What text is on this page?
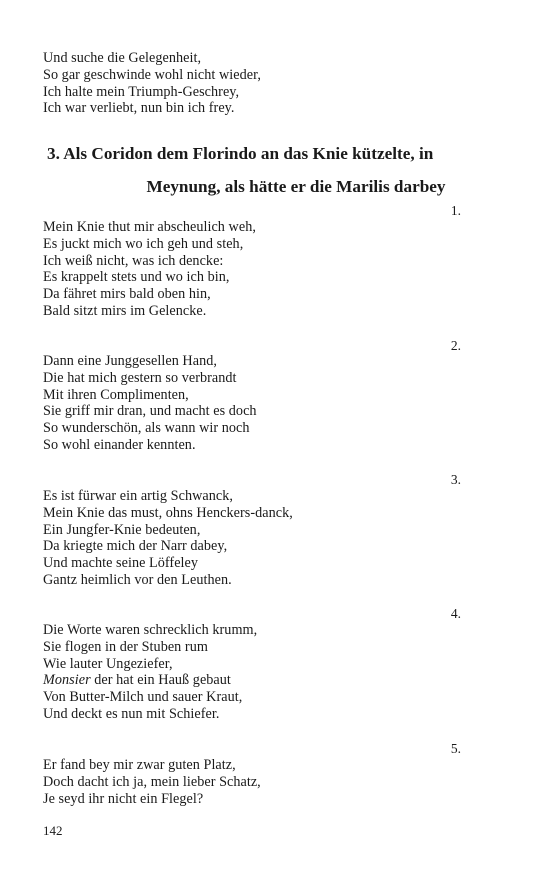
Und suche die Gelegenheit,
So gar geschwinde wohl nicht wieder,
Ich halte mein Triumph-Geschrey,
Ich war verliebt, nun bin ich frey.
3. Als Coridon dem Florindo an das Knie kützelte, in
Meynung, als hätte er die Marilis darbey
1.
Mein Knie thut mir abscheulich weh,
Es juckt mich wo ich geh und steh,
Ich weiß nicht, was ich dencke:
Es krappelt stets und wo ich bin,
Da fähret mirs bald oben hin,
Bald sitzt mirs im Gelencke.
2.
Dann eine Junggesellen Hand,
Die hat mich gestern so verbrandt
Mit ihren Complimenten,
Sie griff mir dran, und macht es doch
So wunderschön, als wann wir noch
So wohl einander kennten.
3.
Es ist fürwar ein artig Schwanck,
Mein Knie das must, ohns Henckers-danck,
Ein Jungfer-Knie bedeuten,
Da kriegte mich der Narr dabey,
Und machte seine Löffeley
Gantz heimlich vor den Leuthen.
4.
Die Worte waren schrecklich krumm,
Sie flogen in der Stuben rum
Wie lauter Ungeziefer,
Monsier der hat ein Hauß gebaut
Von Butter-Milch und sauer Kraut,
Und deckt es nun mit Schiefer.
5.
Er fand bey mir zwar guten Platz,
Doch dacht ich ja, mein lieber Schatz,
Je seyd ihr nicht ein Flegel?
142
